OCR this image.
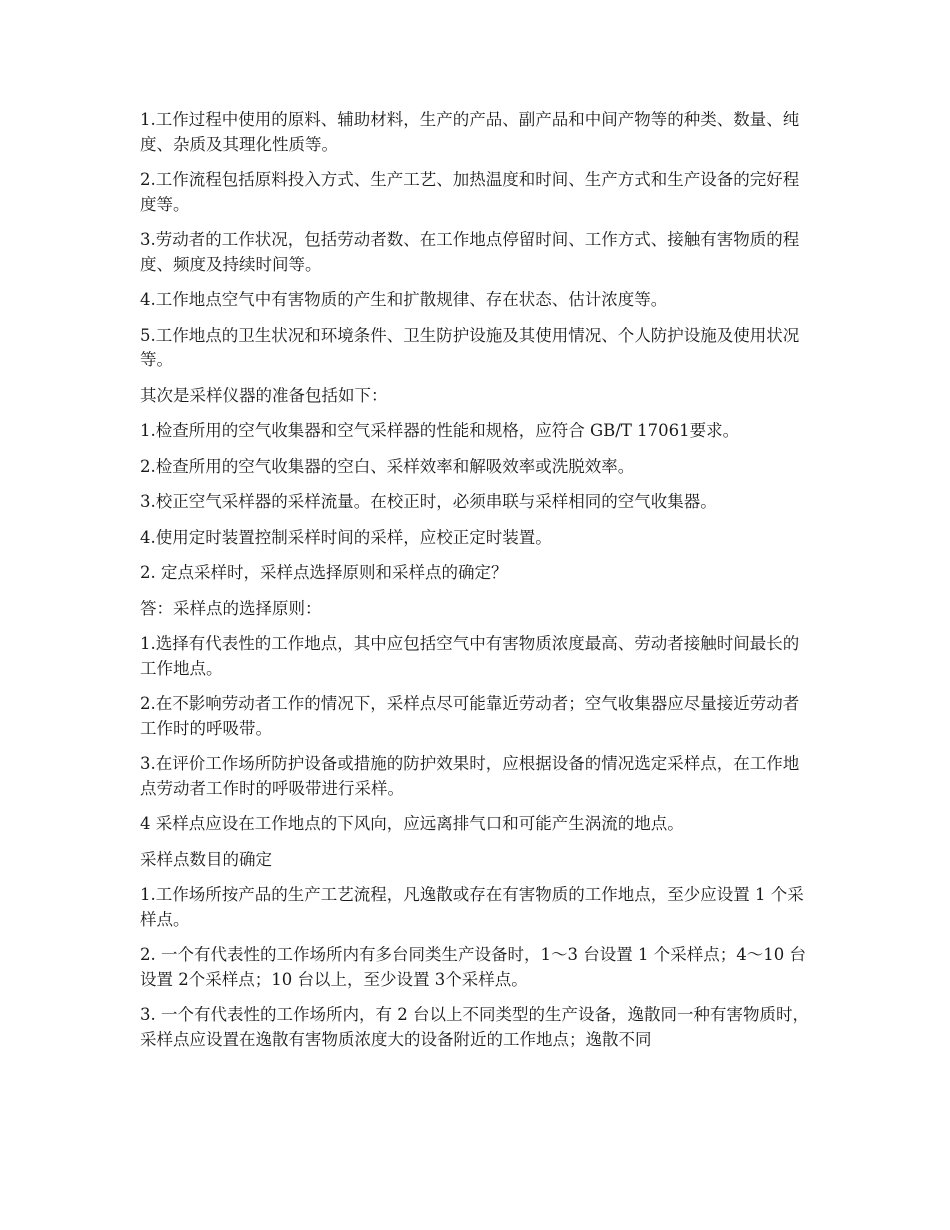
1.工作过程中使用的原料、辅助材料，生产的产品、副产品和中间产物等的种类、数量、纯度、杂质及其理化性质等。

2.工作流程包括原料投入方式、生产工艺、加热温度和时间、生产方式和生产设备的完好程度等。

3.劳动者的工作状况，包括劳动者数、在工作地点停留时间、工作方式、接触有害物质的程度、频度及持续时间等。

4.工作地点空气中有害物质的产生和扩散规律、存在状态、估计浓度等。

5.工作地点的卫生状况和环境条件、卫生防护设施及其使用情况、个人防护设施及使用状况等。

其次是采样仪器的准备包括如下：

1.检查所用的空气收集器和空气采样器的性能和规格，应符合 GB/T 17061要求。

2.检查所用的空气收集器的空白、采样效率和解吸效率或洗脱效率。

3.校正空气采样器的采样流量。在校正时，必须串联与采样相同的空气收集器。

4.使用定时装置控制采样时间的采样，应校正定时装置。

2. 定点采样时，采样点选择原则和采样点的确定？

答：采样点的选择原则：

1.选择有代表性的工作地点，其中应包括空气中有害物质浓度最高、劳动者接触时间最长的工作地点。

2.在不影响劳动者工作的情况下，采样点尽可能靠近劳动者；空气收集器应尽量接近劳动者工作时的呼吸带。

3.在评价工作场所防护设备或措施的防护效果时，应根据设备的情况选定采样点，在工作地点劳动者工作时的呼吸带进行采样。

4 采样点应设在工作地点的下风向，应远离排气口和可能产生涡流的地点。

采样点数目的确定

1.工作场所按产品的生产工艺流程，凡逸散或存在有害物质的工作地点，至少应设置 1 个采样点。

2. 一个有代表性的工作场所内有多台同类生产设备时，1～3 台设置 1 个采样点；4～10 台设置 2个采样点；10 台以上，至少设置 3个采样点。

3. 一个有代表性的工作场所内，有 2 台以上不同类型的生产设备，逸散同一种有害物质时，采样点应设置在逸散有害物质浓度大的设备附近的工作地点；逸散不同
